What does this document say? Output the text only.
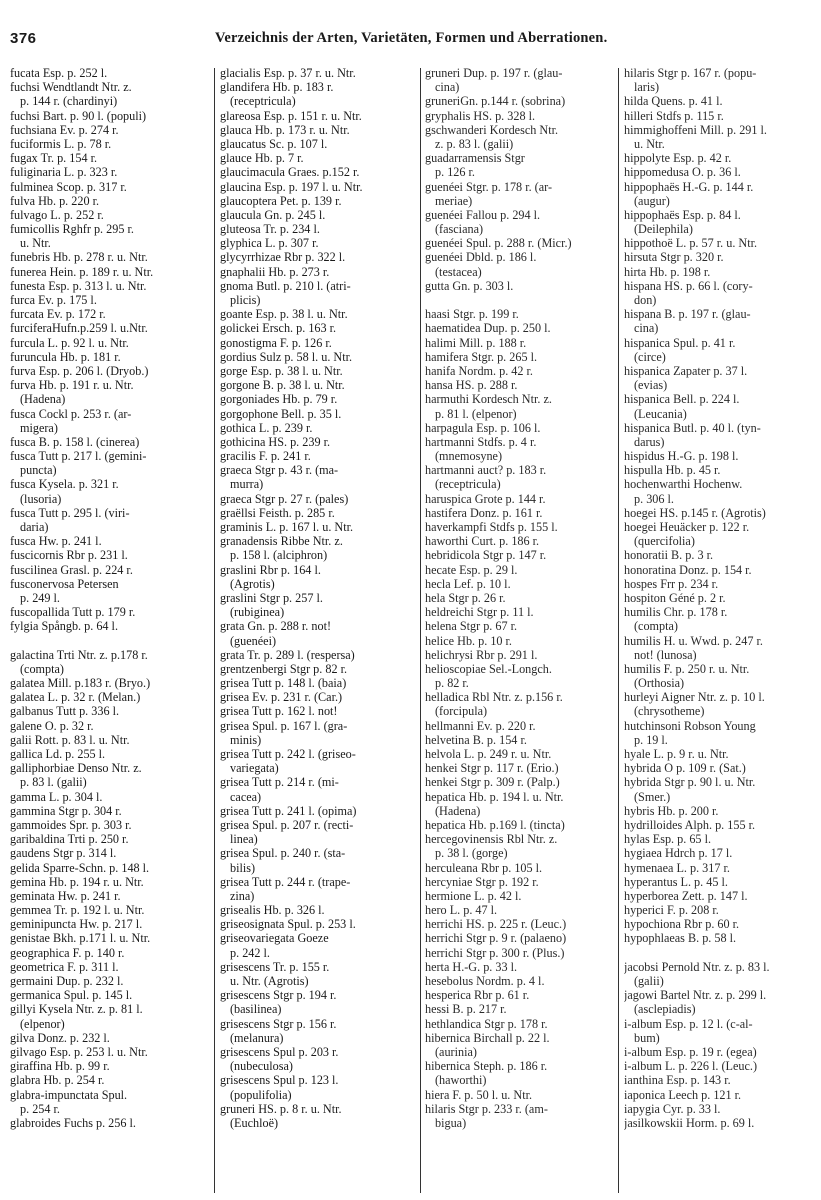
376	Verzeichnis der Arten, Varietäten, Formen und Aberrationen.
fucata Esp. p. 252 l.
fuchsi Wendtlandt Ntr. z.
p. 144 r. (chardinyi)
fuchsi Bart. p. 90 l. (populi)
fuchsiana Ev. p. 274 r.
fuciformis L. p. 78 r.
fugax Tr. p. 154 r.
fuliginaria L. p. 323 r.
fulminea Scop. p. 317 r.
fulva Hb. p. 220 r.
fulvago L. p. 252 r.
fumicollis Rghfr p. 295 r.
u. Ntr.
funebris Hb. p. 278 r. u. Ntr.
funerea Hein. p. 189 r. u. Ntr.
funesta Esp. p. 313 l. u. Ntr.
furca Ev. p. 175 l.
furcata Ev. p. 172 r.
furciferaHufn.p.259 l. u.Ntr.
furcula L. p. 92 l. u. Ntr.
furuncula Hb. p. 181 r.
furva Esp. p. 206 l. (Dryob.)
furva Hb. p. 191 r. u. Ntr.
(Hadena)
fusca Cockl p. 253 r. (ar-
migera)
fusca B. p. 158 l. (cinerea)
fusca Tutt p. 217 l. (gemini-
puncta)
fusca Kysela. p. 321 r.
(lusoria)
fusca Tutt p. 295 l. (viri-
daria)
fusca Hw. p. 241 l.
fuscicornis Rbr p. 231 l.
fuscilinea Grasl. p. 224 r.
fusconervosa Petersen
p. 249 l.
fuscopallida Tutt p. 179 r.
fylgia Spångb. p. 64 l.
galactina Trti Ntr. z. p.178 r.
(compta)
galatea Mill. p.183 r. (Bryo.)
galatea L. p. 32 r. (Melan.)
galbanus Tutt p. 336 l.
galene O. p. 32 r.
galii Rott. p. 83 l. u. Ntr.
gallica Ld. p. 255 l.
galliphorbiae Denso Ntr. z.
p. 83 l. (galii)
gamma L. p. 304 l.
gammina Stgr p. 304 r.
gammoides Spr. p. 303 r.
garibaldina Trti p. 250 r.
gaudens Stgr p. 314 l.
gelida Sparre-Schn. p. 148 l.
gemina Hb. p. 194 r. u. Ntr.
geminata Hw. p. 241 r.
gemmea Tr. p. 192 l. u. Ntr.
geminipuncta Hw. p. 217 l.
genistae Bkh. p.171 l. u. Ntr.
geographica F. p. 140 r.
geometrica F. p. 311 l.
germaini Dup. p. 232 l.
germanica Spul. p. 145 l.
gillyi Kysela Ntr. z. p. 81 l.
(elpenor)
gilva Donz. p. 232 l.
gilvago Esp. p. 253 l. u. Ntr.
giraffina Hb. p. 99 r.
glabra Hb. p. 254 r.
glabra-impunctata Spul.
p. 254 r.
glabroides Fuchs p. 256 l.
glacialis Esp. p. 37 r. u. Ntr.
glandifera Hb. p. 183 r.
(receptricula)
glareosa Esp. p. 151 r. u. Ntr.
glauca Hb. p. 173 r. u. Ntr.
glaucatus Sc. p. 107 l.
glauce Hb. p. 7 r.
glaucimacula Graes. p.152 r.
glaucina Esp. p. 197 l. u. Ntr.
glaucoptera Pet. p. 139 r.
glaucula Gn. p. 245 l.
gluteosa Tr. p. 234 l.
glyphica L. p. 307 r.
glycyrrhizae Rbr p. 322 l.
gnaphalii Hb. p. 273 r.
gnoma Butl. p. 210 l. (atri-
plicis)
goante Esp. p. 38 l. u. Ntr.
golickei Ersch. p. 163 r.
gonostigma F. p. 126 r.
gordius Sulz p. 58 l. u. Ntr.
gorge Esp. p. 38 l. u. Ntr.
gorgone B. p. 38 l. u. Ntr.
gorgoniades Hb. p. 79 r.
gorgophone Bell. p. 35 l.
gothica L. p. 239 r.
gothicina HS. p. 239 r.
gracilis F. p. 241 r.
graeca Stgr p. 43 r. (ma-
murra)
graeca Stgr p. 27 r. (pales)
graëllsi Feisth. p. 285 r.
graminis L. p. 167 l. u. Ntr.
granadensis Ribbe Ntr. z.
p. 158 l. (alciphron)
graslini Rbr p. 164 l.
(Agrotis)
graslini Stgr p. 257 l.
(rubiginea)
grata Gn. p. 288 r. not!
(guenéei)
grata Tr. p. 289 l. (respersa)
grentzenbergi Stgr p. 82 r.
grisea Tutt p. 148 l. (baia)
grisea Ev. p. 231 r. (Car.)
grisea Tutt p. 162 l. not!
grisea Spul. p. 167 l. (gra-
minis)
grisea Tutt p. 242 l. (griseo-
variegata)
grisea Tutt p. 214 r. (mi-
cacea)
grisea Tutt p. 241 l. (opima)
grisea Spul. p. 207 r. (recti-
linea)
grisea Spul. p. 240 r. (sta-
bilis)
grisea Tutt p. 244 r. (trape-
zina)
grisealis Hb. p. 326 l.
griseosignata Spul. p. 253 l.
griseovariegata Goeze
p. 242 l.
grisescens Tr. p. 155 r.
u. Ntr. (Agrotis)
grisescens Stgr p. 194 r.
(basilinea)
grisescens Stgr p. 156 r.
(melanura)
grisescens Spul p. 203 r.
(nubeculosa)
grisescens Spul p. 123 l.
(populifolia)
gruneri HS. p. 8 r. u. Ntr.
(Euchloë)
gruneri Dup. p. 197 r. (glau-
cina)
gruneriGn. p.144 r. (sobrina)
gryphalis HS. p. 328 l.
gschwanderi Kordesch Ntr.
z. p. 83 l. (galii)
guadarramensis Stgr
p. 126 r.
guenéei Stgr. p. 178 r. (ar-
meriae)
guenéei Fallou p. 294 l.
(fasciana)
guenéei Spul. p. 288 r. (Micr.)
guenéei Dbld. p. 186 l.
(testacea)
gutta Gn. p. 303 l.
haasi Stgr. p. 199 r.
haematidea Dup. p. 250 l.
halimi Mill. p. 188 r.
hamifera Stgr. p. 265 l.
hanifa Nordm. p. 42 r.
hansa HS. p. 288 r.
harmuthi Kordesch Ntr. z.
p. 81 l. (elpenor)
harpagula Esp. p. 106 l.
hartmanni Stdfs. p. 4 r.
(mnemosyne)
hartmanni auct? p. 183 r.
(receptricula)
haruspica Grote p. 144 r.
hastifera Donz. p. 161 r.
haverkampfi Stdfs p. 155 l.
haworthi Curt. p. 186 r.
hebridicola Stgr p. 147 r.
hecate Esp. p. 29 l.
hecla Lef. p. 10 l.
hela Stgr p. 26 r.
heldreichi Stgr p. 11 l.
helena Stgr p. 67 r.
helice Hb. p. 10 r.
helichrysi Rbr p. 291 l.
helioscopiae Sel.-Longch.
p. 82 r.
helladica Rbl Ntr. z. p.156 r.
(forcipula)
hellmanni Ev. p. 220 r.
helvetina B. p. 154 r.
helvola L. p. 249 r. u. Ntr.
henkei Stgr p. 117 r. (Erio.)
henkei Stgr p. 309 r. (Palp.)
hepatica Hb. p. 194 l. u. Ntr.
(Hadena)
hepatica Hb. p.169 l. (tincta)
hercegovinensis Rbl Ntr. z.
p. 38 l. (gorge)
herculeana Rbr p. 105 l.
hercyniae Stgr p. 192 r.
hermione L. p. 42 l.
hero L. p. 47 l.
herrichi HS. p. 225 r. (Leuc.)
herrichi Stgr p. 9 r. (palaeno)
herrichi Stgr p. 300 r. (Plus.)
herta H.-G. p. 33 l.
hesebolus Nordm. p. 4 l.
hesperica Rbr p. 61 r.
hessi B. p. 217 r.
hethlandica Stgr p. 178 r.
hibernica Birchall p. 22 l.
(aurinia)
hibernica Steph. p. 186 r.
(haworthi)
hiera F. p. 50 l. u. Ntr.
hilaris Stgr p. 233 r. (am-
bigua)
hilaris Stgr p. 167 r. (popu-
laris)
hilda Quens. p. 41 l.
hilleri Stdfs p. 115 r.
himmighoffeni Mill. p. 291 l.
u. Ntr.
hippolyte Esp. p. 42 r.
hippomedusa O. p. 36 l.
hippophaës H.-G. p. 144 r.
(augur)
hippophaës Esp. p. 84 l.
(Deilephila)
hippothoë L. p. 57 r. u. Ntr.
hirsuta Stgr p. 320 r.
hirta Hb. p. 198 r.
hispana HS. p. 66 l. (cory-
don)
hispana B. p. 197 r. (glau-
cina)
hispanica Spul. p. 41 r.
(circe)
hispanica Zapater p. 37 l.
(evias)
hispanica Bell. p. 224 l.
(Leucania)
hispanica Butl. p. 40 l. (tyn-
darus)
hispidus H.-G. p. 198 l.
hispulla Hb. p. 45 r.
hochenwarthi Hochenw.
p. 306 l.
hoegei HS. p.145 r. (Agrotis)
hoegei Heuäcker p. 122 r.
(quercifolia)
honoratii B. p. 3 r.
honoratina Donz. p. 154 r.
hospes Frr p. 234 r.
hospiton Géné p. 2 r.
humilis Chr. p. 178 r.
(compta)
humilis H. u. Wwd. p. 247 r.
not! (lunosa)
humilis F. p. 250 r. u. Ntr.
(Orthosia)
hurleyi Aigner Ntr. z. p. 10 l.
(chrysotheme)
hutchinsoni Robson Young
p. 19 l.
hyale L. p. 9 r. u. Ntr.
hybrida O p. 109 r. (Sat.)
hybrida Stgr p. 90 l. u. Ntr.
(Smer.)
hybris Hb. p. 200 r.
hydrilloides Alph. p. 155 r.
hylas Esp. p. 65 l.
hygiaea Hdrch p. 17 l.
hymenaea L. p. 317 r.
hyperantus L. p. 45 l.
hyperborea Zett. p. 147 l.
hyperici F. p. 208 r.
hypochiona Rbr p. 60 r.
hypophlaeas B. p. 58 l.
jacobsi Pernold Ntr. z. p. 83 l.
(galii)
jagowi Bartel Ntr. z. p. 299 l.
(asclepiadis)
i-album Esp. p. 12 l. (c-al-
bum)
i-album Esp. p. 19 r. (egea)
i-album L. p. 226 l. (Leuc.)
ianthina Esp. p. 143 r.
iaponica Leech p. 121 r.
iapygia Cyr. p. 33 l.
jasilkowskii Horm. p. 69 l.
